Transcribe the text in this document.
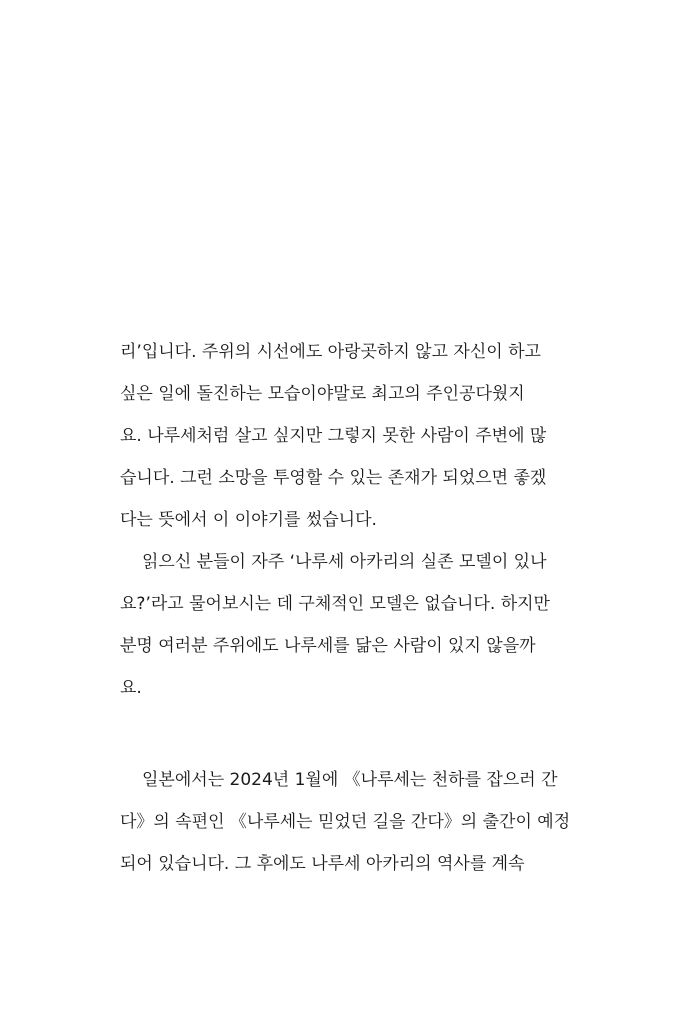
리’입니다. 주위의 시선에도 아랑곳하지 않고 자신이 하고
싶은 일에 돌진하는 모습이야말로 최고의 주인공다웠지
요. 나루세처럼 살고 싶지만 그렇지 못한 사람이 주변에 많
습니다. 그런 소망을 투영할 수 있는 존재가 되었으면 좋겠
다는 뜻에서 이 이야기를 썼습니다.
읽으신 분들이 자주 ‘나루세 아카리의 실존 모델이 있나
요?’라고 물어보시는 데 구체적인 모델은 없습니다. 하지만
분명 여러분 주위에도 나루세를 닮은 사람이 있지 않을까
요.
일본에서는 2024년 1월에 《나루세는 천하를 잡으러 간
다》의 속편인 《나루세는 믿었던 길을 간다》의 출간이 예정
되어 있습니다. 그 후에도 나루세 아카리의 역사를 계속
